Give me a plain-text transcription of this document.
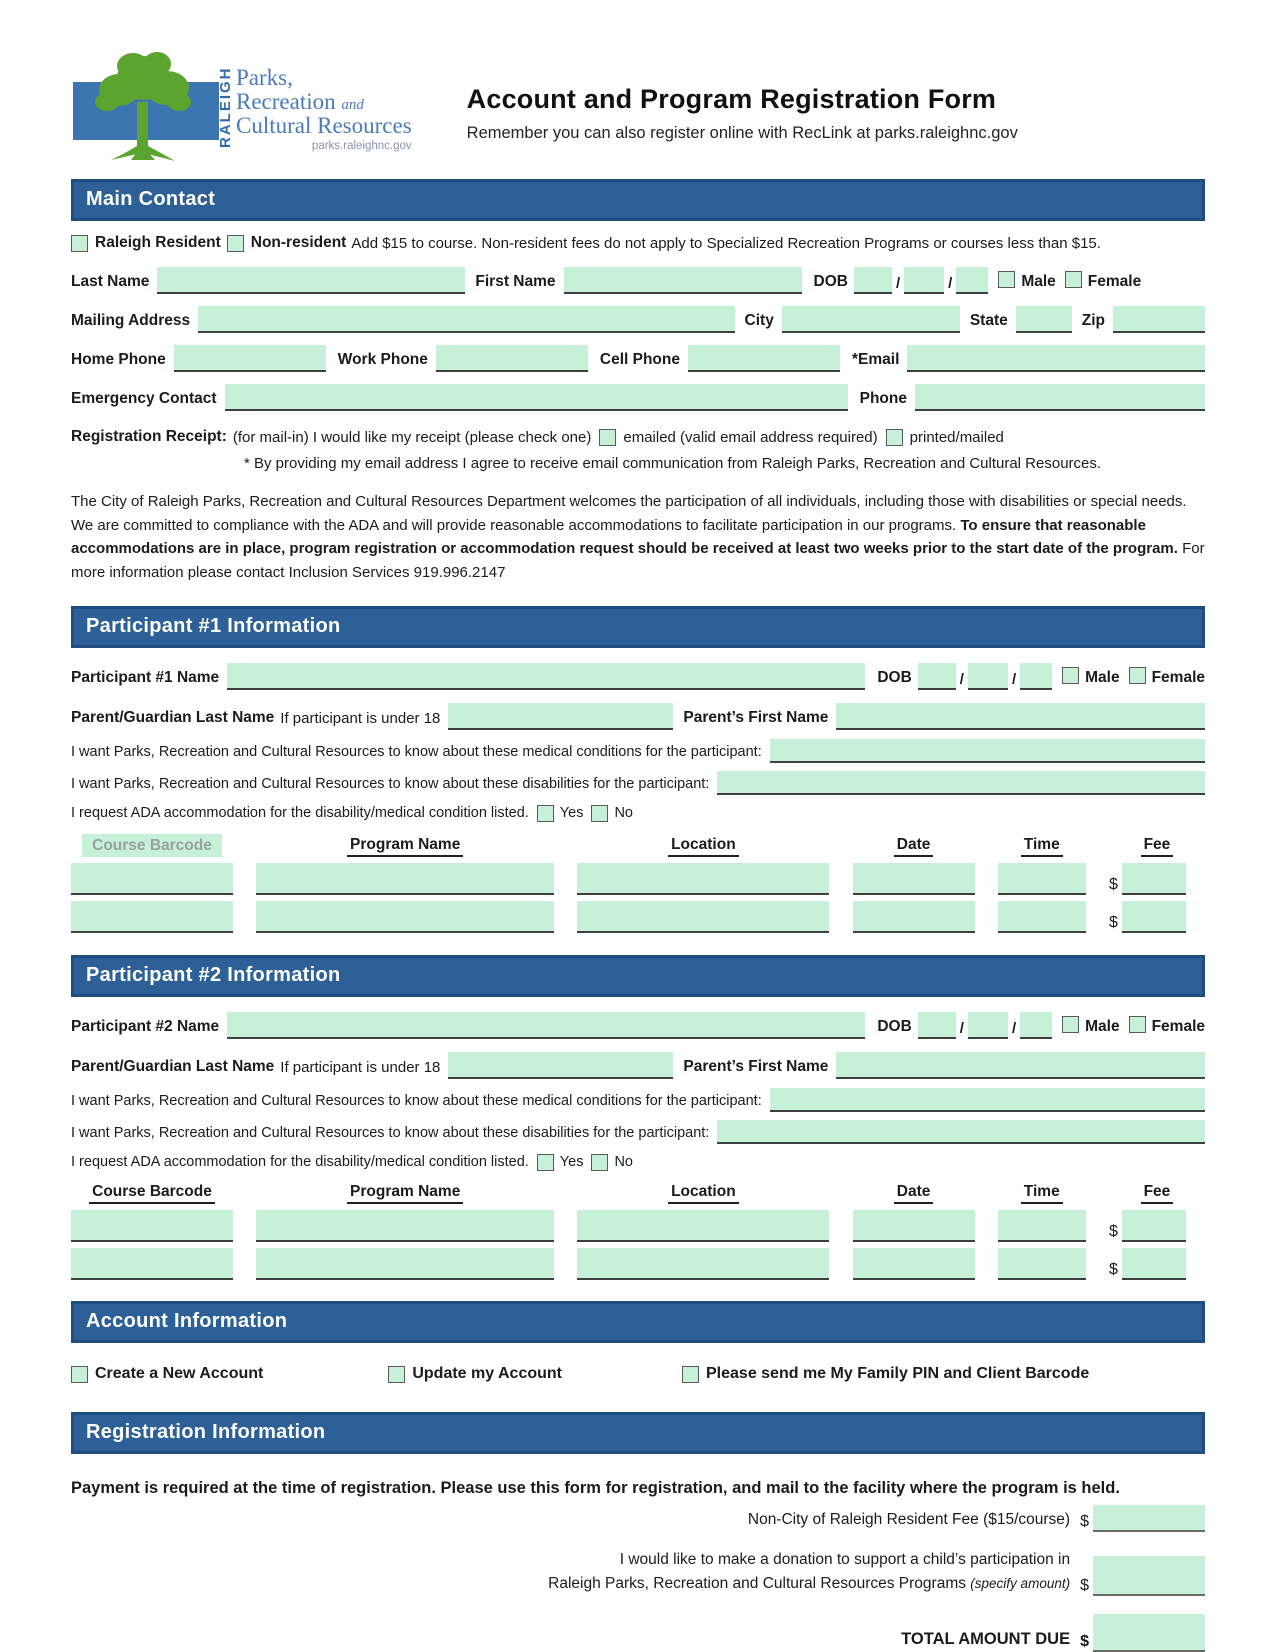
RALEIGH Parks,
Recreation and
Cultural Resources
parks.raleighnc.gov
Account and Program Registration Form
Remember you can also register online with RecLink at parks.raleighnc.gov
Main Contact
Raleigh Resident Non-resident Add $15 to course. Non-resident fees do not apply to Specialized Recreation Programs or courses less than $15.
Last Name	First Name	DOB	/	/	Male Female
Mailing Address	City	State	Zip
Home Phone	Work Phone	Cell Phone	*Email
Emergency Contact	Phone
Registration Receipt: (for mail-in) I would like my receipt (please check one) emailed (valid email address required) printed/mailed
* By providing my email address I agree to receive email communication from Raleigh Parks, Recreation and Cultural Resources.
The City of Raleigh Parks, Recreation and Cultural Resources Department welcomes the participation of all individuals, including those with disabilities or special needs. We are committed to compliance with the ADA and will provide reasonable accommodations to facilitate participation in our programs. To ensure that reasonable accommodations are in place, program registration or accommodation request should be received at least two weeks prior to the start date of the program. For more information please contact Inclusion Services 919.996.2147
Participant #1 Information
Participant #1 Name	DOB	/	/	Male Female
Parent/Guardian Last Name If participant is under 18	Parent’s First Name
I want Parks, Recreation and Cultural Resources to know about these medical conditions for the participant:
I want Parks, Recreation and Cultural Resources to know about these disabilities for the participant:
I request ADA accommodation for the disability/medical condition listed. Yes No
Course Barcode	Program Name	Location	Date	Time	Fee
$
$
Participant #2 Information
Participant #2 Name	DOB	/	/	Male Female
Parent/Guardian Last Name If participant is under 18	Parent’s First Name
I want Parks, Recreation and Cultural Resources to know about these medical conditions for the participant:
I want Parks, Recreation and Cultural Resources to know about these disabilities for the participant:
I request ADA accommodation for the disability/medical condition listed. Yes No
Course Barcode	Program Name	Location	Date	Time	Fee
$
$
Account Information
Create a New Account	Update my Account	Please send me My Family PIN and Client Barcode
Registration Information
Payment is required at the time of registration. Please use this form for registration, and mail to the facility where the program is held.
Non-City of Raleigh Resident Fee ($15/course) $
I would like to make a donation to support a child’s participation in
Raleigh Parks, Recreation and Cultural Resources Programs (specify amount) $
TOTAL AMOUNT DUE $
